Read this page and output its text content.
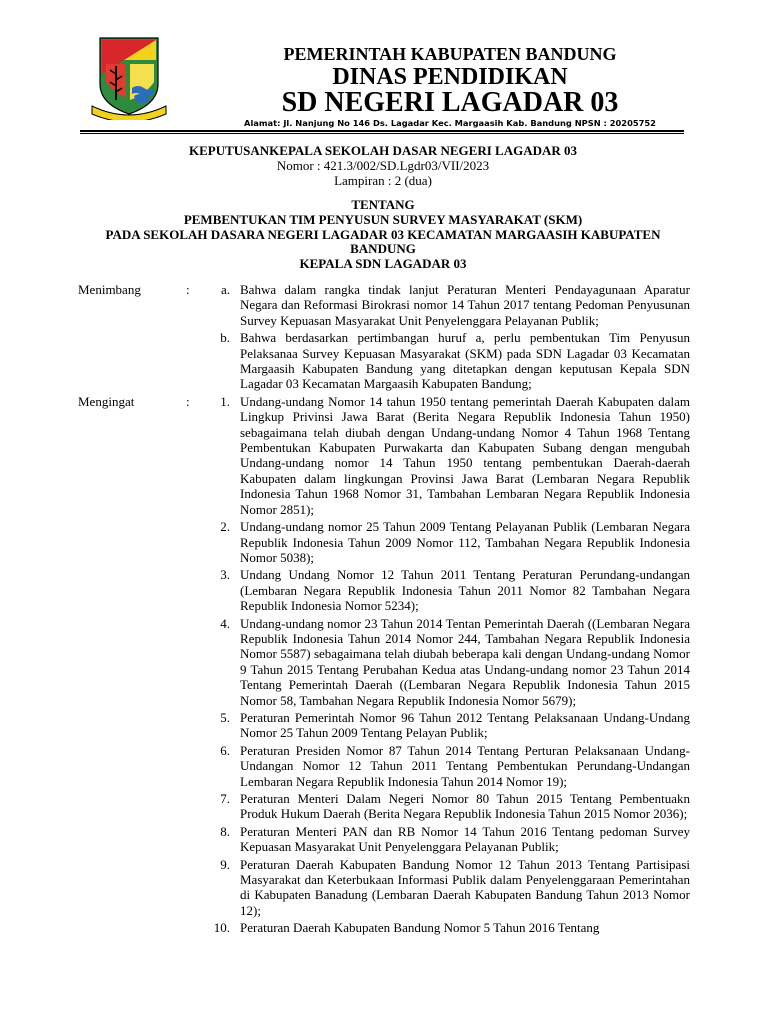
PEMERINTAH KABUPATEN BANDUNG
DINAS PENDIDIKAN
SD NEGERI LAGADAR 03
Alamat: Jl. Nanjung No 146 Ds. Lagadar Kec. Margaasih Kab. Bandung NPSN : 20205752
KEPUTUSANKEPALA SEKOLAH DASAR NEGERI LAGADAR 03
Nomor : 421.3/002/SD.Lgdr03/VII/2023
Lampiran : 2 (dua)
TENTANG
PEMBENTUKAN TIM PENYUSUN SURVEY MASYARAKAT (SKM)
PADA SEKOLAH DASARA NEGERI LAGADAR 03 KECAMATAN MARGAASIH KABUPATEN
BANDUNG
KEPALA SDN LAGADAR 03
Menimbang	:	a. Bahwa dalam rangka tindak lanjut Peraturan Menteri Pendayagunaan Aparatur Negara dan Reformasi Birokrasi nomor 14 Tahun 2017 tentang Pedoman Penyusunan Survey Kepuasan Masyarakat Unit Penyelenggara Pelayanan Publik;
b. Bahwa berdasarkan pertimbangan huruf a, perlu pembentukan Tim Penyusun Pelaksanaa Survey Kepuasan Masyarakat (SKM) pada SDN Lagadar 03 Kecamatan Margaasih Kabupaten Bandung yang ditetapkan dengan keputusan Kepala SDN Lagadar 03 Kecamatan Margaasih Kabupaten Bandung;
Mengingat	:	1. Undang-undang Nomor 14 tahun 1950 tentang pemerintah Daerah Kabupaten dalam Lingkup Privinsi Jawa Barat (Berita Negara Republik Indonesia Tahun 1950) sebagaimana telah diubah dengan Undang-undang Nomor 4 Tahun 1968 Tentang Pembentukan Kabupaten Purwakarta dan Kabupaten Subang dengan mengubah Undang-undang nomor 14 Tahun 1950 tentang pembentukan Daerah-daerah Kabupaten dalam lingkungan Provinsi Jawa Barat (Lembaran Negara Republik Indonesia Tahun 1968 Nomor 31, Tambahan Lembaran Negara Republik Indonesia Nomor 2851);
2. Undang-undang nomor 25 Tahun 2009 Tentang Pelayanan Publik (Lembaran Negara Republik Indonesia Tahun 2009 Nomor 112, Tambahan Negara Republik Indonesia Nomor 5038);
3. Undang Undang Nomor 12 Tahun 2011 Tentang Peraturan Perundang-undangan (Lembaran Negara Republik Indonesia Tahun 2011 Nomor 82 Tambahan Negara Republik Indonesia Nomor 5234);
4. Undang-undang nomor 23 Tahun 2014 Tentan Pemerintah Daerah ((Lembaran Negara Republik Indonesia Tahun 2014 Nomor 244, Tambahan Negara Republik Indonesia Nomor 5587) sebagaimana telah diubah beberapa kali dengan Undang-undang Nomor 9 Tahun 2015 Tentang Perubahan Kedua atas Undang-undang nomor 23 Tahun 2014 Tentang Pemerintah Daerah ((Lembaran Negara Republik Indonesia Tahun 2015 Nomor 58, Tambahan Negara Republik Indonesia Nomor 5679);
5. Peraturan Pemerintah Nomor 96 Tahun 2012 Tentang Pelaksanaan Undang-Undang Nomor 25 Tahun 2009 Tentang Pelayan Publik;
6. Peraturan Presiden Nomor 87 Tahun 2014 Tentang Perturan Pelaksanaan Undang-Undangan Nomor 12 Tahun 2011 Tentang Pembentukan Perundang-Undangan Lembaran Negara Republik Indonesia Tahun 2014 Nomor 19);
7. Peraturan Menteri Dalam Negeri Nomor 80 Tahun 2015 Tentang Pembentuakn Produk Hukum Daerah (Berita Negara Republik Indonesia Tahun 2015 Nomor 2036);
8. Peraturan Menteri PAN dan RB Nomor 14 Tahun 2016 Tentang pedoman Survey Kepuasan Masyarakat Unit Penyelenggara Pelayanan Publik;
9. Peraturan Daerah Kabupaten Bandung Nomor 12 Tahun 2013 Tentang Partisipasi Masyarakat dan Keterbukaan Informasi Publik dalam Penyelenggaraan Pemerintahan di Kabupaten Banadung (Lembaran Daerah Kabupaten Bandung Tahun 2013 Nomor 12);
10. Peraturan Daerah Kabupaten Bandung Nomor 5 Tahun 2016 Tentang
